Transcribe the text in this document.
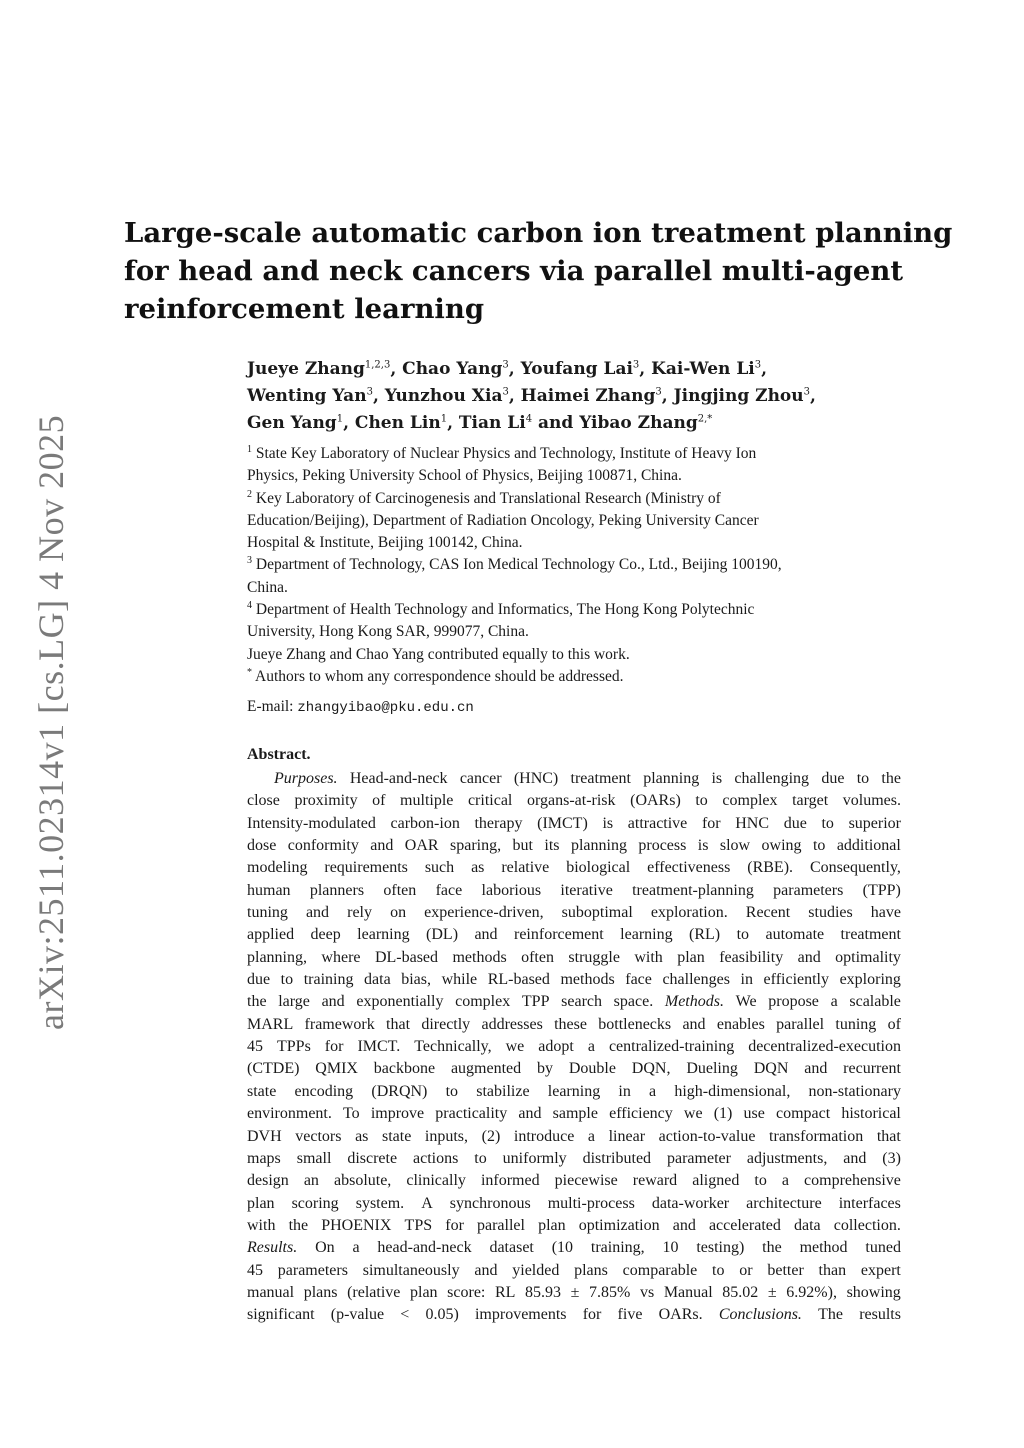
arXiv:2511.02314v1 [cs.LG] 4 Nov 2025
Large-scale automatic carbon ion treatment planning
for head and neck cancers via parallel multi-agent
reinforcement learning
Jueye Zhang$^{1,2,3}$, Chao Yang$^3$, Youfang Lai$^3$, Kai-Wen Li$^3$,
Wenting Yan$^3$, Yunzhou Xia$^3$, Haimei Zhang$^3$, Jingjing Zhou$^3$,
Gen Yang$^1$, Chen Lin$^1$, Tian Li$^4$ and Yibao Zhang$^{2,*}$
$^1$ State Key Laboratory of Nuclear Physics and Technology, Institute of Heavy Ion
Physics, Peking University School of Physics, Beijing 100871, China.
$^2$ Key Laboratory of Carcinogenesis and Translational Research (Ministry of
Education/Beijing), Department of Radiation Oncology, Peking University Cancer
Hospital & Institute, Beijing 100142, China.
$^3$ Department of Technology, CAS Ion Medical Technology Co., Ltd., Beijing 100190,
China.
$^4$ Department of Health Technology and Informatics, The Hong Kong Polytechnic
University, Hong Kong SAR, 999077, China.
Jueye Zhang and Chao Yang contributed equally to this work.
* Authors to whom any correspondence should be addressed.
E-mail: zhangyibao@pku.edu.cn
Abstract.
Purposes. Head-and-neck cancer (HNC) treatment planning is challenging due to the
close proximity of multiple critical organs-at-risk (OARs) to complex target volumes.
Intensity-modulated carbon-ion therapy (IMCT) is attractive for HNC due to superior
dose conformity and OAR sparing, but its planning process is slow owing to additional
modeling requirements such as relative biological effectiveness (RBE). Consequently,
human planners often face laborious iterative treatment-planning parameters (TPP)
tuning and rely on experience-driven, suboptimal exploration. Recent studies have
applied deep learning (DL) and reinforcement learning (RL) to automate treatment
planning, where DL-based methods often struggle with plan feasibility and optimality
due to training data bias, while RL-based methods face challenges in efficiently exploring
the large and exponentially complex TPP search space. Methods. We propose a scalable
MARL framework that directly addresses these bottlenecks and enables parallel tuning of
45 TPPs for IMCT. Technically, we adopt a centralized-training decentralized-execution
(CTDE) QMIX backbone augmented by Double DQN, Dueling DQN and recurrent
state encoding (DRQN) to stabilize learning in a high-dimensional, non-stationary
environment. To improve practicality and sample efficiency we (1) use compact historical
DVH vectors as state inputs, (2) introduce a linear action-to-value transformation that
maps small discrete actions to uniformly distributed parameter adjustments, and (3)
design an absolute, clinically informed piecewise reward aligned to a comprehensive
plan scoring system. A synchronous multi-process data-worker architecture interfaces
with the PHOENIX TPS for parallel plan optimization and accelerated data collection.
Results. On a head-and-neck dataset (10 training, 10 testing) the method tuned
45 parameters simultaneously and yielded plans comparable to or better than expert
manual plans (relative plan score: RL 85.93 ± 7.85% vs Manual 85.02 ± 6.92%), showing
significant (p-value < 0.05) improvements for five OARs. Conclusions. The results
